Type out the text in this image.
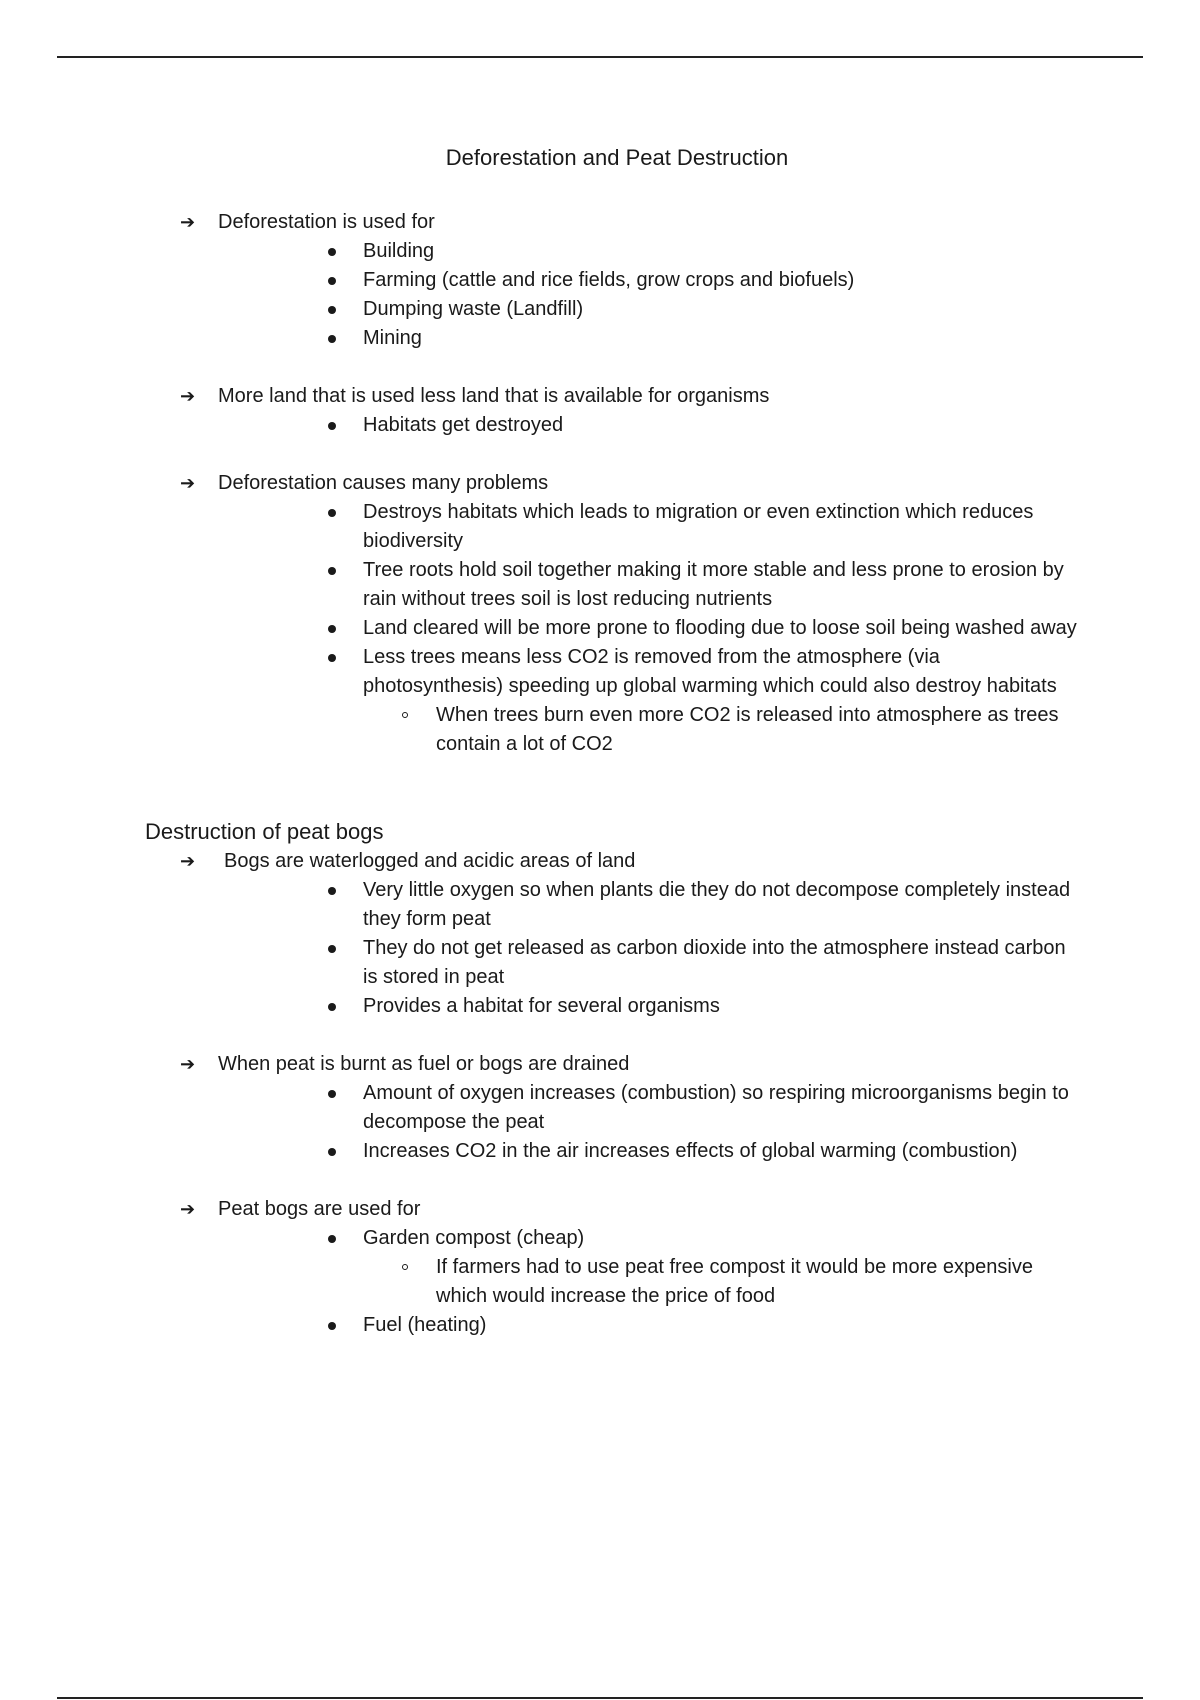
Deforestation and Peat Destruction
➔ Deforestation is used for
Building
Farming (cattle and rice fields, grow crops and biofuels)
Dumping waste (Landfill)
Mining
➔ More land that is used less land that is available for organisms
Habitats get destroyed
➔ Deforestation causes many problems
Destroys habitats which leads to migration or even extinction which reduces biodiversity
Tree roots hold soil together making it more stable and less prone to erosion by rain without trees soil is lost reducing nutrients
Land cleared will be more prone to flooding due to loose soil being washed away
Less trees means less CO2 is removed from the atmosphere (via photosynthesis) speeding up global warming which could also destroy habitats
When trees burn even more CO2 is released into atmosphere as trees contain a lot of CO2
Destruction of peat bogs
➔ Bogs are waterlogged and acidic areas of land
Very little oxygen so when plants die they do not decompose completely instead they form peat
They do not get released as carbon dioxide into the atmosphere instead carbon is stored in peat
Provides a habitat for several organisms
➔ When peat is burnt as fuel or bogs are drained
Amount of oxygen increases (combustion) so respiring microorganisms begin to decompose the peat
Increases CO2 in the air increases effects of global warming (combustion)
➔ Peat bogs are used for
Garden compost (cheap)
If farmers had to use peat free compost it would be more expensive which would increase the price of food
Fuel (heating)
